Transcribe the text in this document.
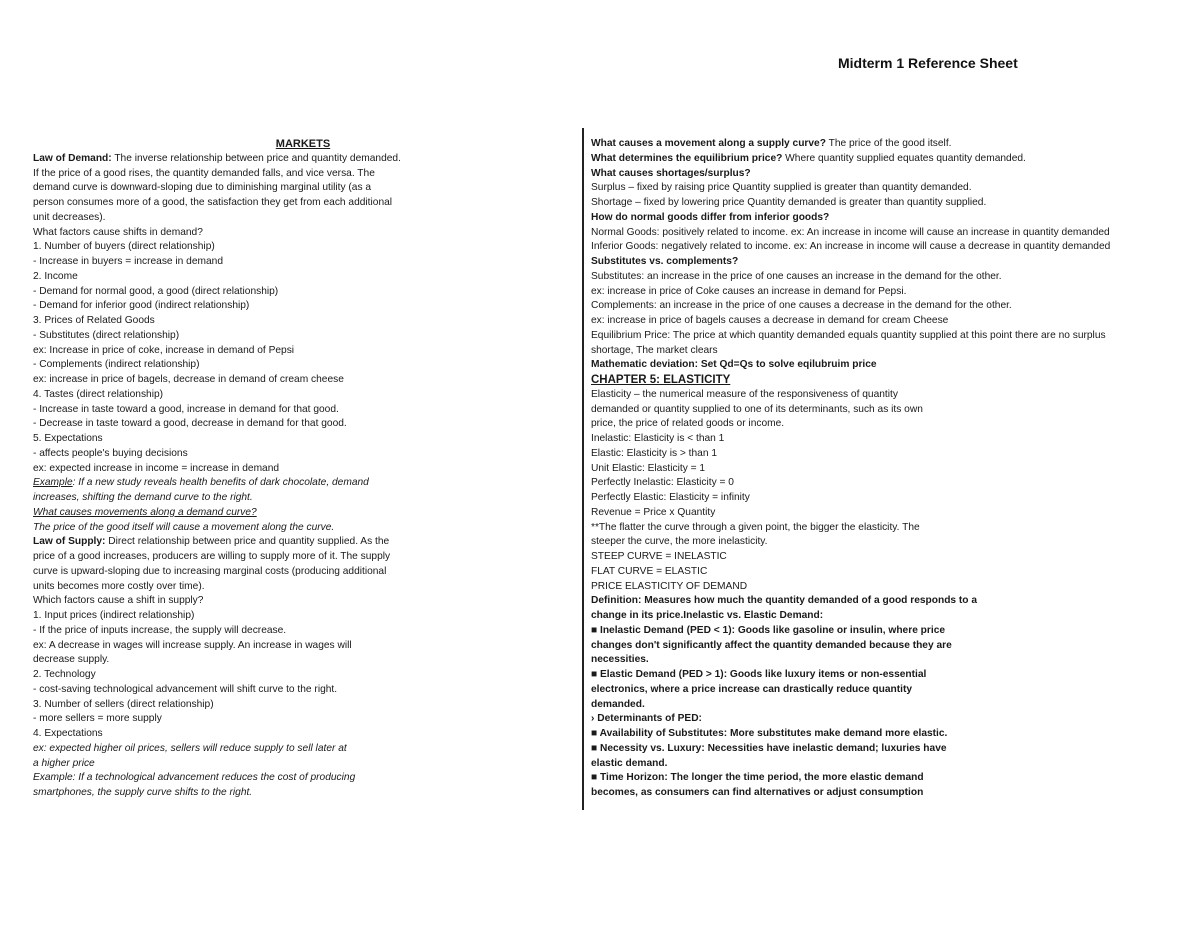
Midterm 1 Reference Sheet
MARKETS
Law of Demand: The inverse relationship between price and quantity demanded.
If the price of a good rises, the quantity demanded falls, and vice versa. The
demand curve is downward-sloping due to diminishing marginal utility (as a
person consumes more of a good, the satisfaction they get from each additional
unit decreases).
What factors cause shifts in demand?
1. Number of buyers (direct relationship)
- Increase in buyers = increase in demand
2. Income
- Demand for normal good, a good (direct relationship)
- Demand for inferior good (indirect relationship)
3. Prices of Related Goods
- Substitutes (direct relationship)
ex: Increase in price of coke, increase in demand of Pepsi
- Complements (indirect relationship)
ex: increase in price of bagels, decrease in demand of cream cheese
4. Tastes (direct relationship)
- Increase in taste toward a good, increase in demand for that good.
- Decrease in taste toward a good, decrease in demand for that good.
5. Expectations
- affects people's buying decisions
ex: expected increase in income = increase in demand
Example: If a new study reveals health benefits of dark chocolate, demand
increases, shifting the demand curve to the right.
What causes movements along a demand curve?
The price of the good itself will cause a movement along the curve.
Law of Supply: Direct relationship between price and quantity supplied. As the
price of a good increases, producers are willing to supply more of it. The supply
curve is upward-sloping due to increasing marginal costs (producing additional
units becomes more costly over time).
Which factors cause a shift in supply?
1. Input prices (indirect relationship)
- If the price of inputs increase, the supply will decrease.
ex: A decrease in wages will increase supply. An increase in wages will
decrease supply.
2. Technology
- cost-saving technological advancement will shift curve to the right.
3. Number of sellers (direct relationship)
- more sellers = more supply
4. Expectations
ex: expected higher oil prices, sellers will reduce supply to sell later at
a higher price
Example: If a technological advancement reduces the cost of producing
smartphones, the supply curve shifts to the right.
What causes a movement along a supply curve? The price of the good itself.
What determines the equilibrium price? Where quantity supplied equates quantity demanded.
What causes shortages/surplus?
Surplus – fixed by raising price Quantity supplied is greater than quantity demanded.
Shortage – fixed by lowering price Quantity demanded is greater than quantity supplied.
How do normal goods differ from inferior goods?
Normal Goods: positively related to income. ex: An increase in income will cause an increase in quantity demanded
Inferior Goods: negatively related to income. ex: An increase in income will cause a decrease in quantity demanded
Substitutes vs. complements?
Substitutes: an increase in the price of one causes an increase in the demand for the other.
ex: increase in price of Coke causes an increase in demand for Pepsi.
Complements: an increase in the price of one causes a decrease in the demand for the other.
ex: increase in price of bagels causes a decrease in demand for cream Cheese
Equilibrium Price: The price at which quantity demanded equals quantity supplied at this point there are no surplus
shortage, The market clears
Mathematic deviation: Set Qd=Qs to solve eqilubruim price
CHAPTER 5: ELASTICITY
Elasticity – the numerical measure of the responsiveness of quantity
demanded or quantity supplied to one of its determinants, such as its own
price, the price of related goods or income.
Inelastic: Elasticity is < than 1
Elastic: Elasticity is > than 1
Unit Elastic: Elasticity = 1
Perfectly Inelastic: Elasticity = 0
Perfectly Elastic: Elasticity = infinity
Revenue = Price x Quantity
**The flatter the curve through a given point, the bigger the elasticity. The
steeper the curve, the more inelasticity.
STEEP CURVE = INELASTIC
FLAT CURVE = ELASTIC
PRICE ELASTICITY OF DEMAND
Definition: Measures how much the quantity demanded of a good responds to a
change in its price.Inelastic vs. Elastic Demand:
■ Inelastic Demand (PED < 1): Goods like gasoline or insulin, where price
changes don't significantly affect the quantity demanded because they are
necessities.
■ Elastic Demand (PED > 1): Goods like luxury items or non-essential
electronics, where a price increase can drastically reduce quantity
demanded.
› Determinants of PED:
■ Availability of Substitutes: More substitutes make demand more elastic.
■ Necessity vs. Luxury: Necessities have inelastic demand; luxuries have
elastic demand.
■ Time Horizon: The longer the time period, the more elastic demand
becomes, as consumers can find alternatives or adjust consumption
